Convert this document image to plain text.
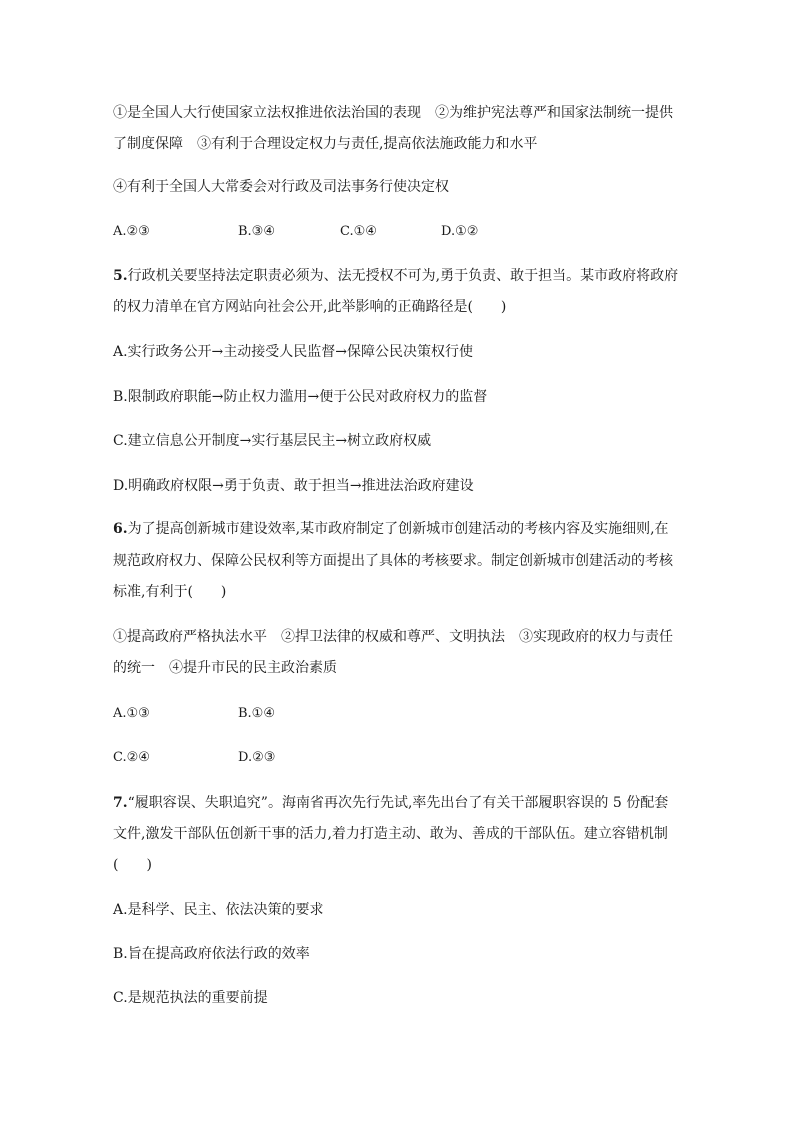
①是全国人大行使国家立法权推进依法治国的表现　②为维护宪法尊严和国家法制统一提供
了制度保障　③有利于合理设定权力与责任,提高依法施政能力和水平
④有利于全国人大常委会对行政及司法事务行使决定权
A.②③	B.③④	C.①④	D.①②
5.行政机关要坚持法定职责必须为、法无授权不可为,勇于负责、敢于担当。某市政府将政府
的权力清单在官方网站向社会公开,此举影响的正确路径是(　　)
A.实行政务公开→主动接受人民监督→保障公民决策权行使
B.限制政府职能→防止权力滥用→便于公民对政府权力的监督
C.建立信息公开制度→实行基层民主→树立政府权威
D.明确政府权限→勇于负责、敢于担当→推进法治政府建设
6.为了提高创新城市建设效率,某市政府制定了创新城市创建活动的考核内容及实施细则,在
规范政府权力、保障公民权利等方面提出了具体的考核要求。制定创新城市创建活动的考核
标准,有利于(　　)
①提高政府严格执法水平　②捍卫法律的权威和尊严、文明执法　③实现政府的权力与责任
的统一　④提升市民的民主政治素质
A.①③	B.①④
C.②④	D.②③
7.“履职容误、失职追究”。海南省再次先行先试,率先出台了有关干部履职容误的 5 份配套
文件,激发干部队伍创新干事的活力,着力打造主动、敢为、善成的干部队伍。建立容错机制
(　　)
A.是科学、民主、依法决策的要求
B.旨在提高政府依法行政的效率
C.是规范执法的重要前提
